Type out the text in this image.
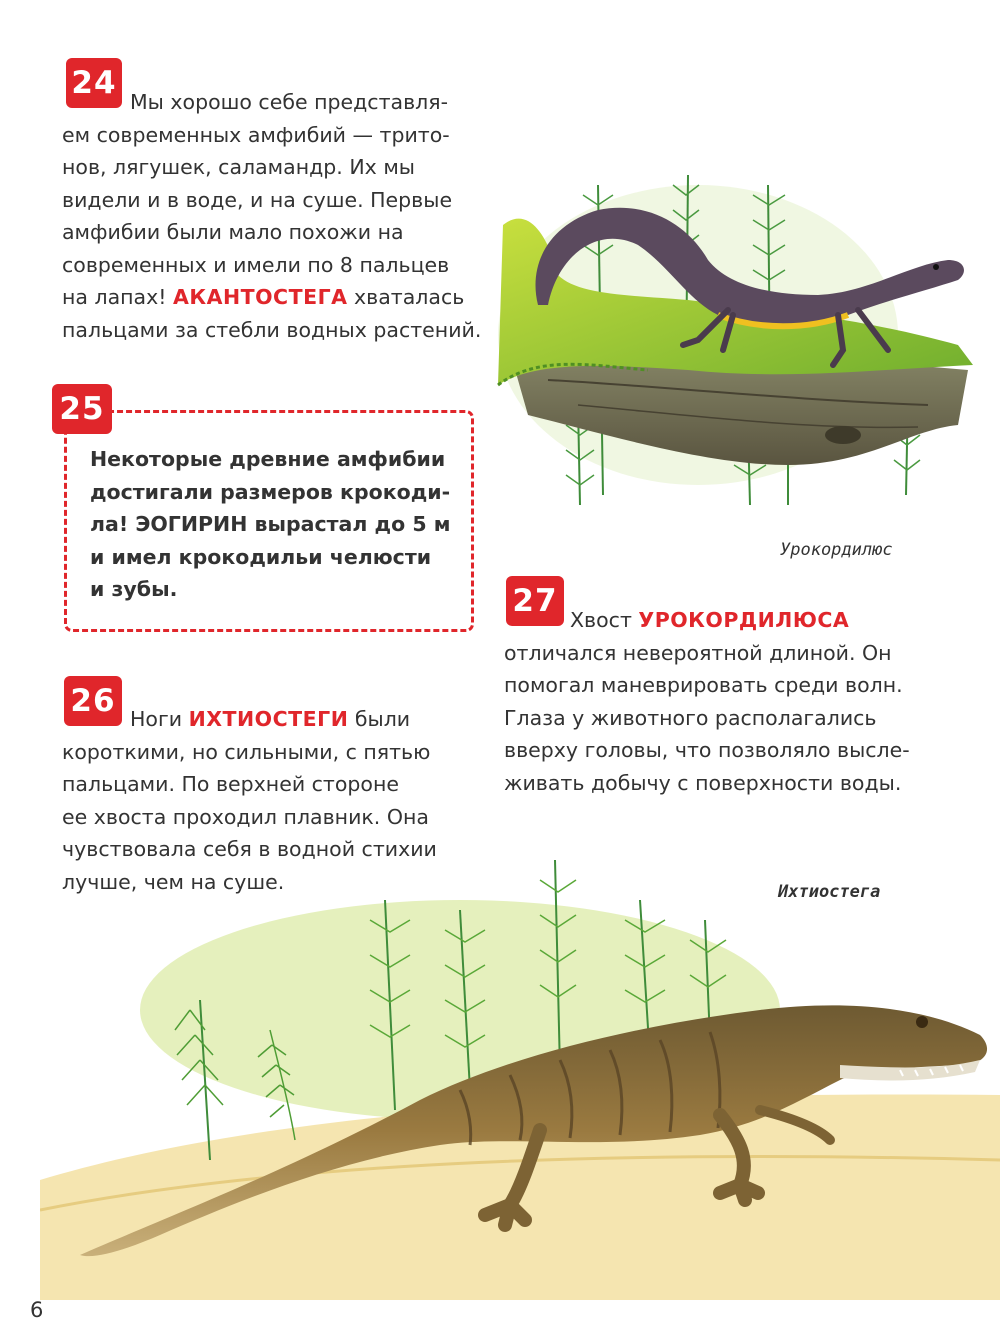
24
Мы хорошо себе представля-
ем современных амфибий — трито-
нов, лягушек, саламандр. Их мы
видели и в воде, и на суше. Первые
амфибии были мало похожи на
современных и имели по 8 пальцев
на лапах! АКАНТОСТЕГА хваталась
пальцами за стебли водных растений.
25
Некоторые древние амфибии
достигали размеров крокоди-
ла! ЭОГИРИН вырастал до 5 м
и имел крокодильи челюсти
и зубы.
Урокордилюс
27
Хвост УРОКОРДИЛЮСА
отличался невероятной длиной. Он
помогал маневрировать среди волн.
Глаза у животного располагались
вверху головы, что позволяло высле-
живать добычу с поверхности воды.
26 Ноги ИХТИОСТЕГИ были
короткими, но сильными, с пятью
пальцами. По верхней стороне
ее хвоста проходил плавник. Она
чувствовала себя в водной стихии
лучше, чем на суше.	Ихтиостега
6
